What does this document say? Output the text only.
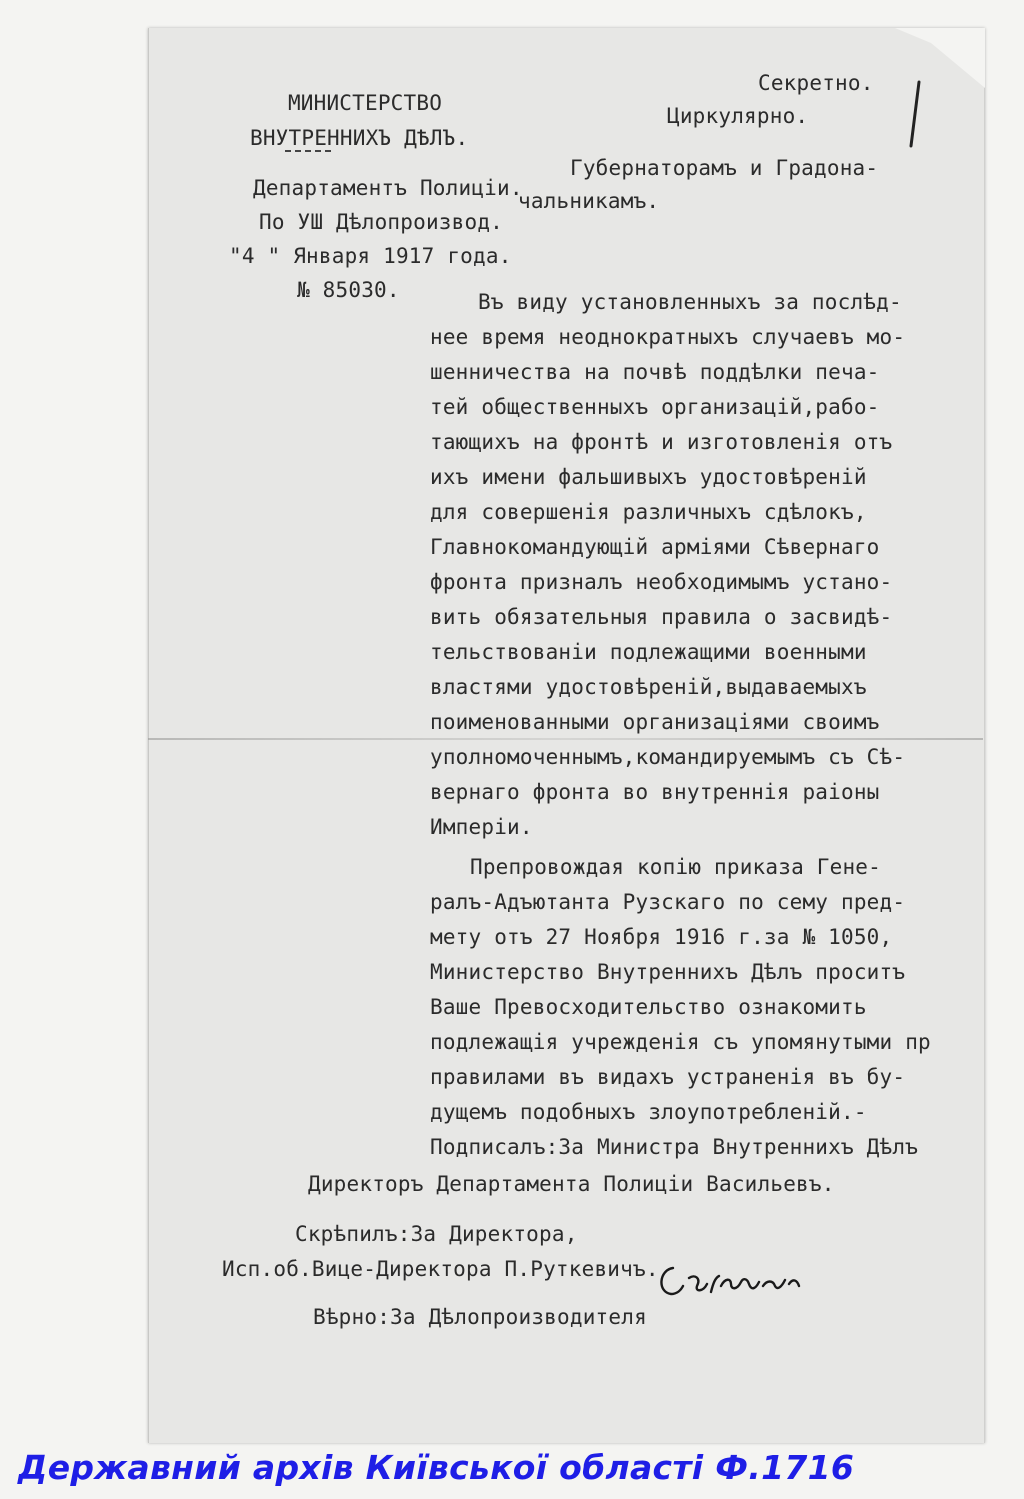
МИНИСТЕРСТВО
ВНУТРЕННИХЪ ДѢЛЪ.
Департаментъ Полиціи.
По УШ Дѣлопроизвод.
"4 " Января 1917 года.
№ 85030.
Секретно.
Циркулярно.
Губернаторамъ и Градона-
чальникамъ.
Въ виду установленныхъ за послѣд-
нее время неоднократныхъ случаевъ мо-
шенничества на почвѣ поддѣлки печа-
тей общественныхъ организацій,рабо-
тающихъ на фронтѣ и изготовленія отъ
ихъ имени фальшивыхъ удостовѣреній
для совершенія различныхъ сдѣлокъ,
Главнокомандующій арміями Сѣвернаго
фронта призналъ необходимымъ устано-
вить обязательныя правила о засвидѣ-
тельствованіи подлежащими военными
властями удостовѣреній,выдаваемыхъ
поименованными организаціями своимъ
уполномоченнымъ,командируемымъ съ Сѣ-
вернаго фронта во внутреннія раіоны
Имперіи.
Препровождая копію приказа Гене-
ралъ-Адъютанта Рузскаго по сему пред-
мету отъ 27 Ноября 1916 г.за № 1050,
Министерство Внутреннихъ Дѣлъ проситъ
Ваше Превосходительство ознакомить
подлежащія учрежденія съ упомянутыми пр
правилами въ видахъ устраненія въ бу-
дущемъ подобныхъ злоупотребленій.-
Подписалъ:За Министра Внутреннихъ Дѣлъ
Директоръ Департамента Полиціи Васильевъ.
Скрѣпилъ:За Директора,
Исп.об.Вице-Директора П.Руткевичъ.
Вѣрно:За Дѣлопроизводителя
Державний архів Київської області Ф.1716
